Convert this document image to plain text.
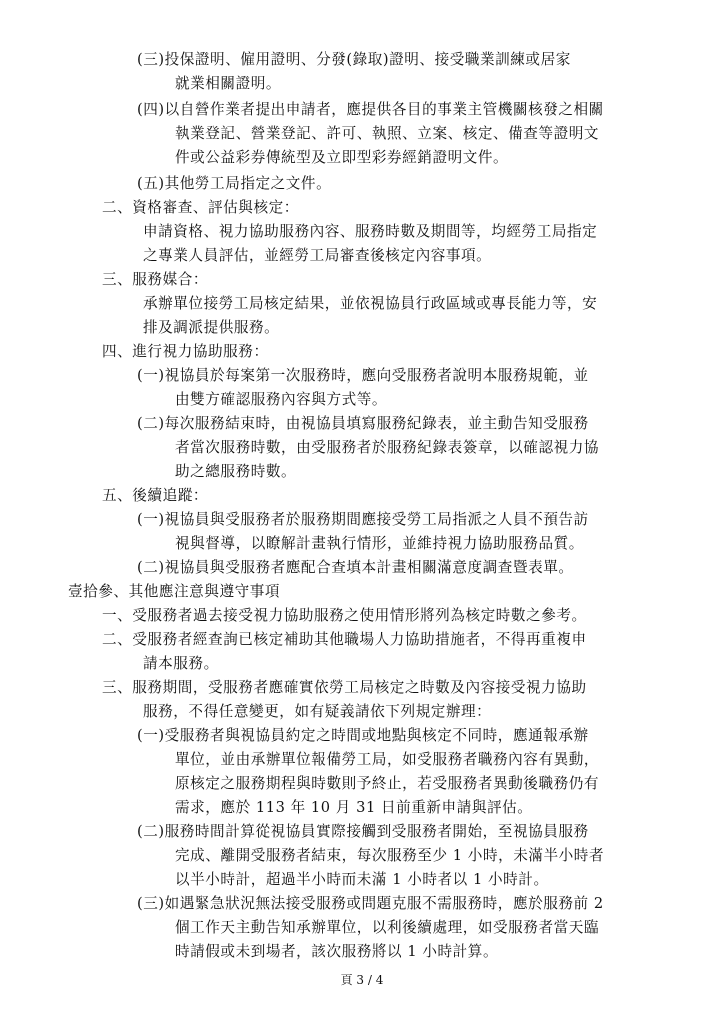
(三)投保證明、僱用證明、分發(錄取)證明、接受職業訓練或居家
就業相關證明。
(四)以自營作業者提出申請者，應提供各目的事業主管機關核發之相關
執業登記、營業登記、許可、執照、立案、核定、備查等證明文
件或公益彩券傳統型及立即型彩券經銷證明文件。
(五)其他勞工局指定之文件。
二、資格審查、評估與核定：
申請資格、視力協助服務內容、服務時數及期間等，均經勞工局指定
之專業人員評估，並經勞工局審查後核定內容事項。
三、服務媒合：
承辦單位接勞工局核定結果，並依視協員行政區域或專長能力等，安
排及調派提供服務。
四、進行視力協助服務：
(一)視協員於每案第一次服務時，應向受服務者說明本服務規範，並
由雙方確認服務內容與方式等。
(二)每次服務結束時，由視協員填寫服務紀錄表，並主動告知受服務
者當次服務時數，由受服務者於服務紀錄表簽章，以確認視力協
助之總服務時數。
五、後續追蹤：
(一)視協員與受服務者於服務期間應接受勞工局指派之人員不預告訪
視與督導，以瞭解計畫執行情形，並維持視力協助服務品質。
(二)視協員與受服務者應配合查填本計畫相關滿意度調查暨表單。
壹拾參、其他應注意與遵守事項
一、受服務者過去接受視力協助服務之使用情形將列為核定時數之參考。
二、受服務者經查詢已核定補助其他職場人力協助措施者，不得再重複申
請本服務。
三、服務期間，受服務者應確實依勞工局核定之時數及內容接受視力協助
服務，不得任意變更，如有疑義請依下列規定辦理：
(一)受服務者與視協員約定之時間或地點與核定不同時，應通報承辦
單位，並由承辦單位報備勞工局，如受服務者職務內容有異動，
原核定之服務期程與時數則予終止，若受服務者異動後職務仍有
需求，應於 113 年 10 月 31 日前重新申請與評估。
(二)服務時間計算從視協員實際接觸到受服務者開始，至視協員服務
完成、離開受服務者結束，每次服務至少 1 小時，未滿半小時者
以半小時計，超過半小時而未滿 1 小時者以 1 小時計。
(三)如遇緊急狀況無法接受服務或問題克服不需服務時，應於服務前 2
個工作天主動告知承辦單位，以利後續處理，如受服務者當天臨
時請假或未到場者，該次服務將以 1 小時計算。
頁 3 / 4
